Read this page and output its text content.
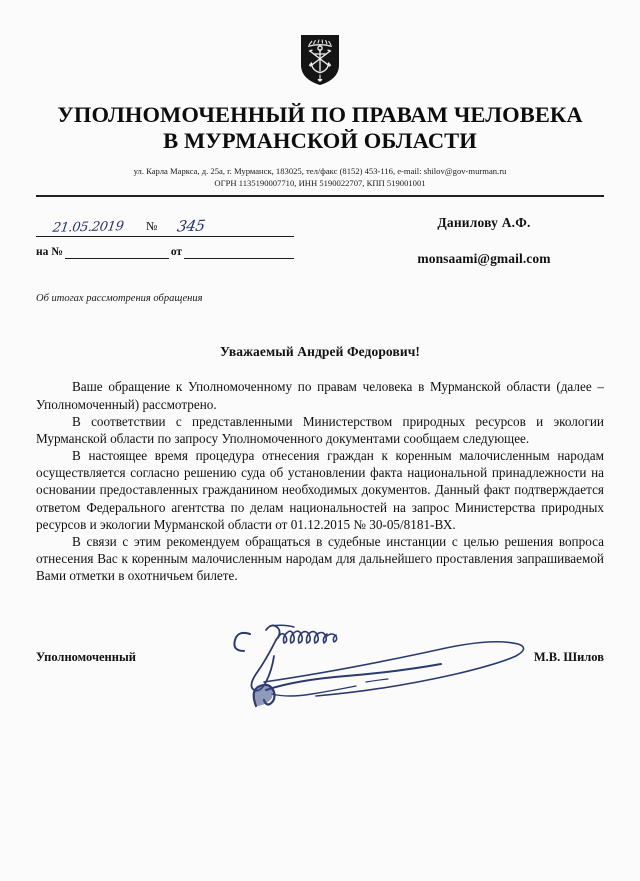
УПОЛНОМОЧЕННЫЙ ПО ПРАВАМ ЧЕЛОВЕКА
В МУРМАНСКОЙ ОБЛАСТИ
ул. Карла Маркса, д. 25а, г. Мурманск, 183025, тел/факс (8152) 453-116, e-mail: shilov@gov-murman.ru
ОГРН 1135190007710, ИНН 5190022707, КПП 519001001
21.05.2019	№	345
на №	от
Данилову А.Ф.
monsaami@gmail.com
Об итогах рассмотрения обращения
Уважаемый Андрей Федорович!

Ваше обращение к Уполномоченному по правам человека в Мурманской области (далее – Уполномоченный) рассмотрено.

В соответствии с представленными Министерством природных ресурсов и экологии Мурманской области по запросу Уполномоченного документами сообщаем следующее.

В настоящее время процедура отнесения граждан к коренным малочисленным народам осуществляется согласно решению суда об установлении факта национальной принадлежности на основании предоставленных гражданином необходимых документов. Данный факт подтверждается ответом Федерального агентства по делам национальностей на запрос Министерства природных ресурсов и экологии Мурманской области от 01.12.2015 № 30-05/8181-ВХ.

В связи с этим рекомендуем обращаться в судебные инстанции с целью решения вопроса отнесения Вас к коренным малочисленным народам для дальнейшего проставления запрашиваемой Вами отметки в охотничьем билете.

Уполномоченный	М.В. Шилов
